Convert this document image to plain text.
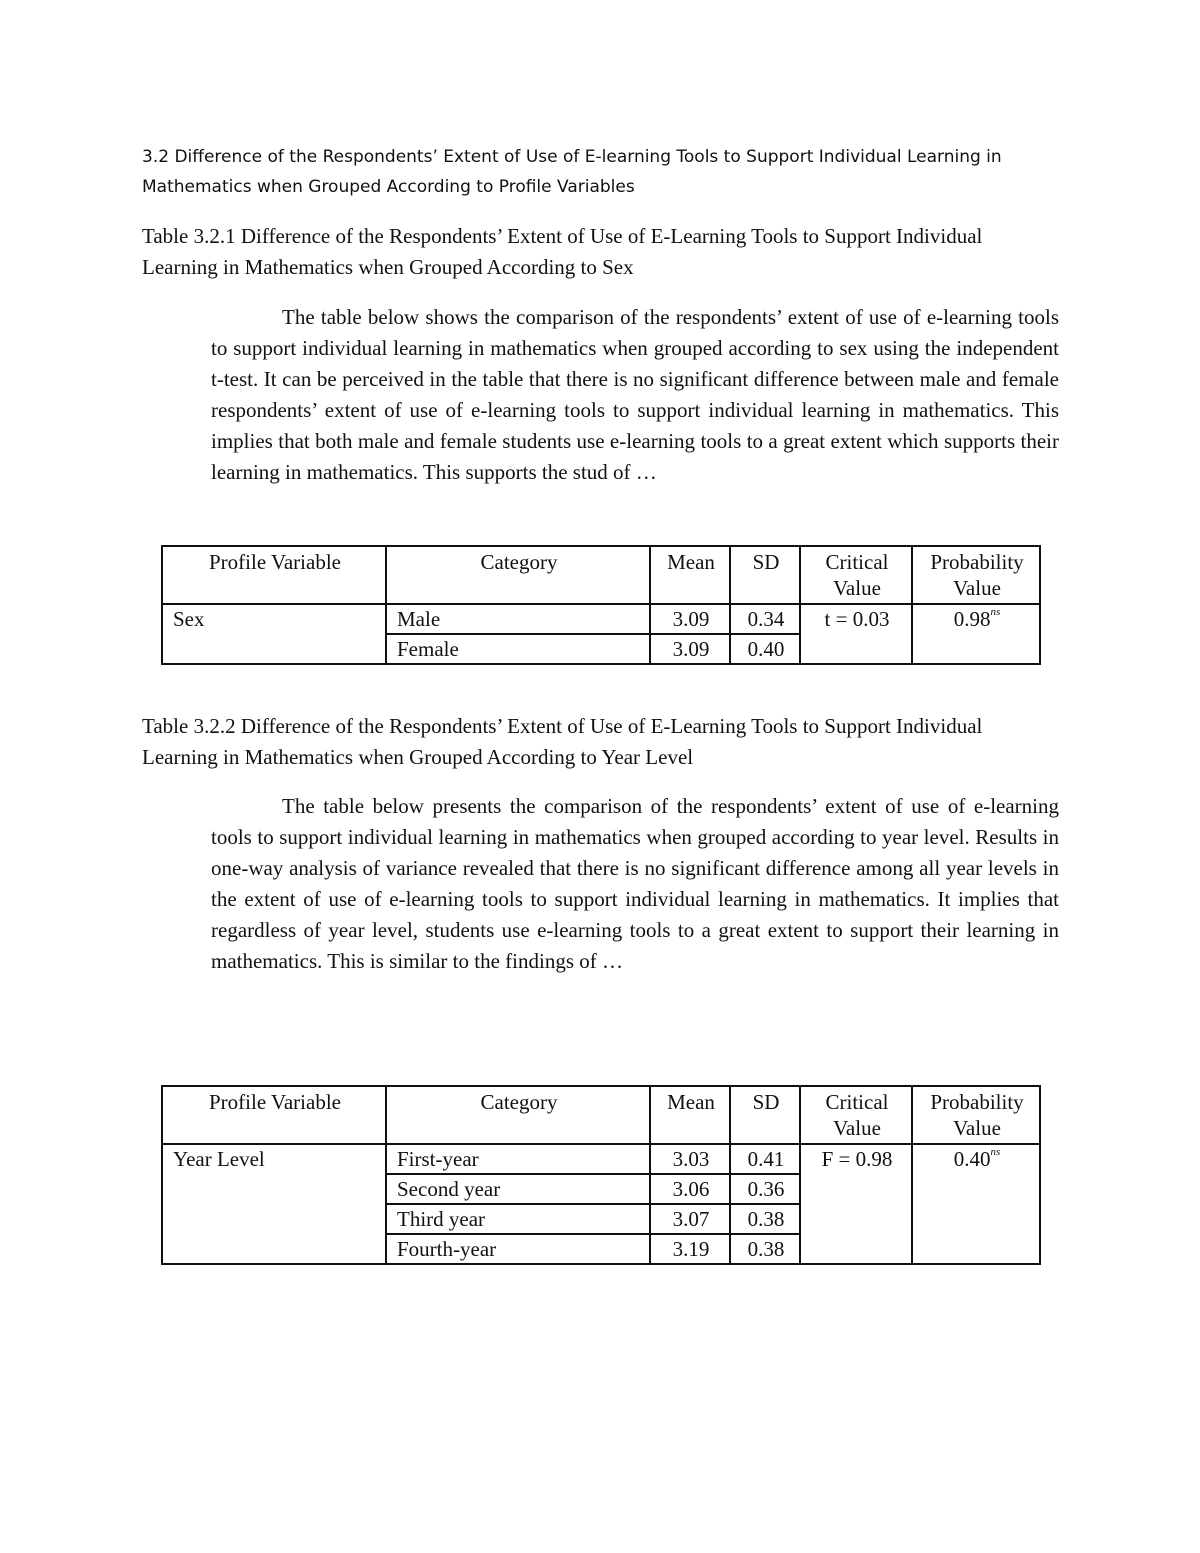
3.2 Difference of the Respondents’ Extent of Use of E-learning Tools to Support Individual Learning in Mathematics when Grouped According to Profile Variables
Table 3.2.1 Difference of the Respondents’ Extent of Use of E-Learning Tools to Support Individual Learning in Mathematics when Grouped According to Sex
The table below shows the comparison of the respondents’ extent of use of e-learning tools to support individual learning in mathematics when grouped according to sex using the independent t-test. It can be perceived in the table that there is no significant difference between male and female respondents’ extent of use of e-learning tools to support individual learning in mathematics. This implies that both male and female students use e-learning tools to a great extent which supports their learning in mathematics. This supports the stud of …
Profile Variable	Category	Mean	SD	Critical Value	Probability Value
Sex	Male	3.09	0.34	t = 0.03	$0.98^{ns}$
	Female	3.09	0.40		
Table 3.2.2 Difference of the Respondents’ Extent of Use of E-Learning Tools to Support Individual Learning in Mathematics when Grouped According to Year Level
The table below presents the comparison of the respondents’ extent of use of e-learning tools to support individual learning in mathematics when grouped according to year level. Results in one-way analysis of variance revealed that there is no significant difference among all year levels in the extent of use of e-learning tools to support individual learning in mathematics. It implies that regardless of year level, students use e-learning tools to a great extent to support their learning in mathematics. This is similar to the findings of …
Profile Variable	Category	Mean	SD	Critical Value	Probability Value
Year Level	First-year	3.03	0.41	F = 0.98	$0.40^{ns}$
	Second year	3.06	0.36		
	Third year	3.07	0.38		
	Fourth-year	3.19	0.38		
